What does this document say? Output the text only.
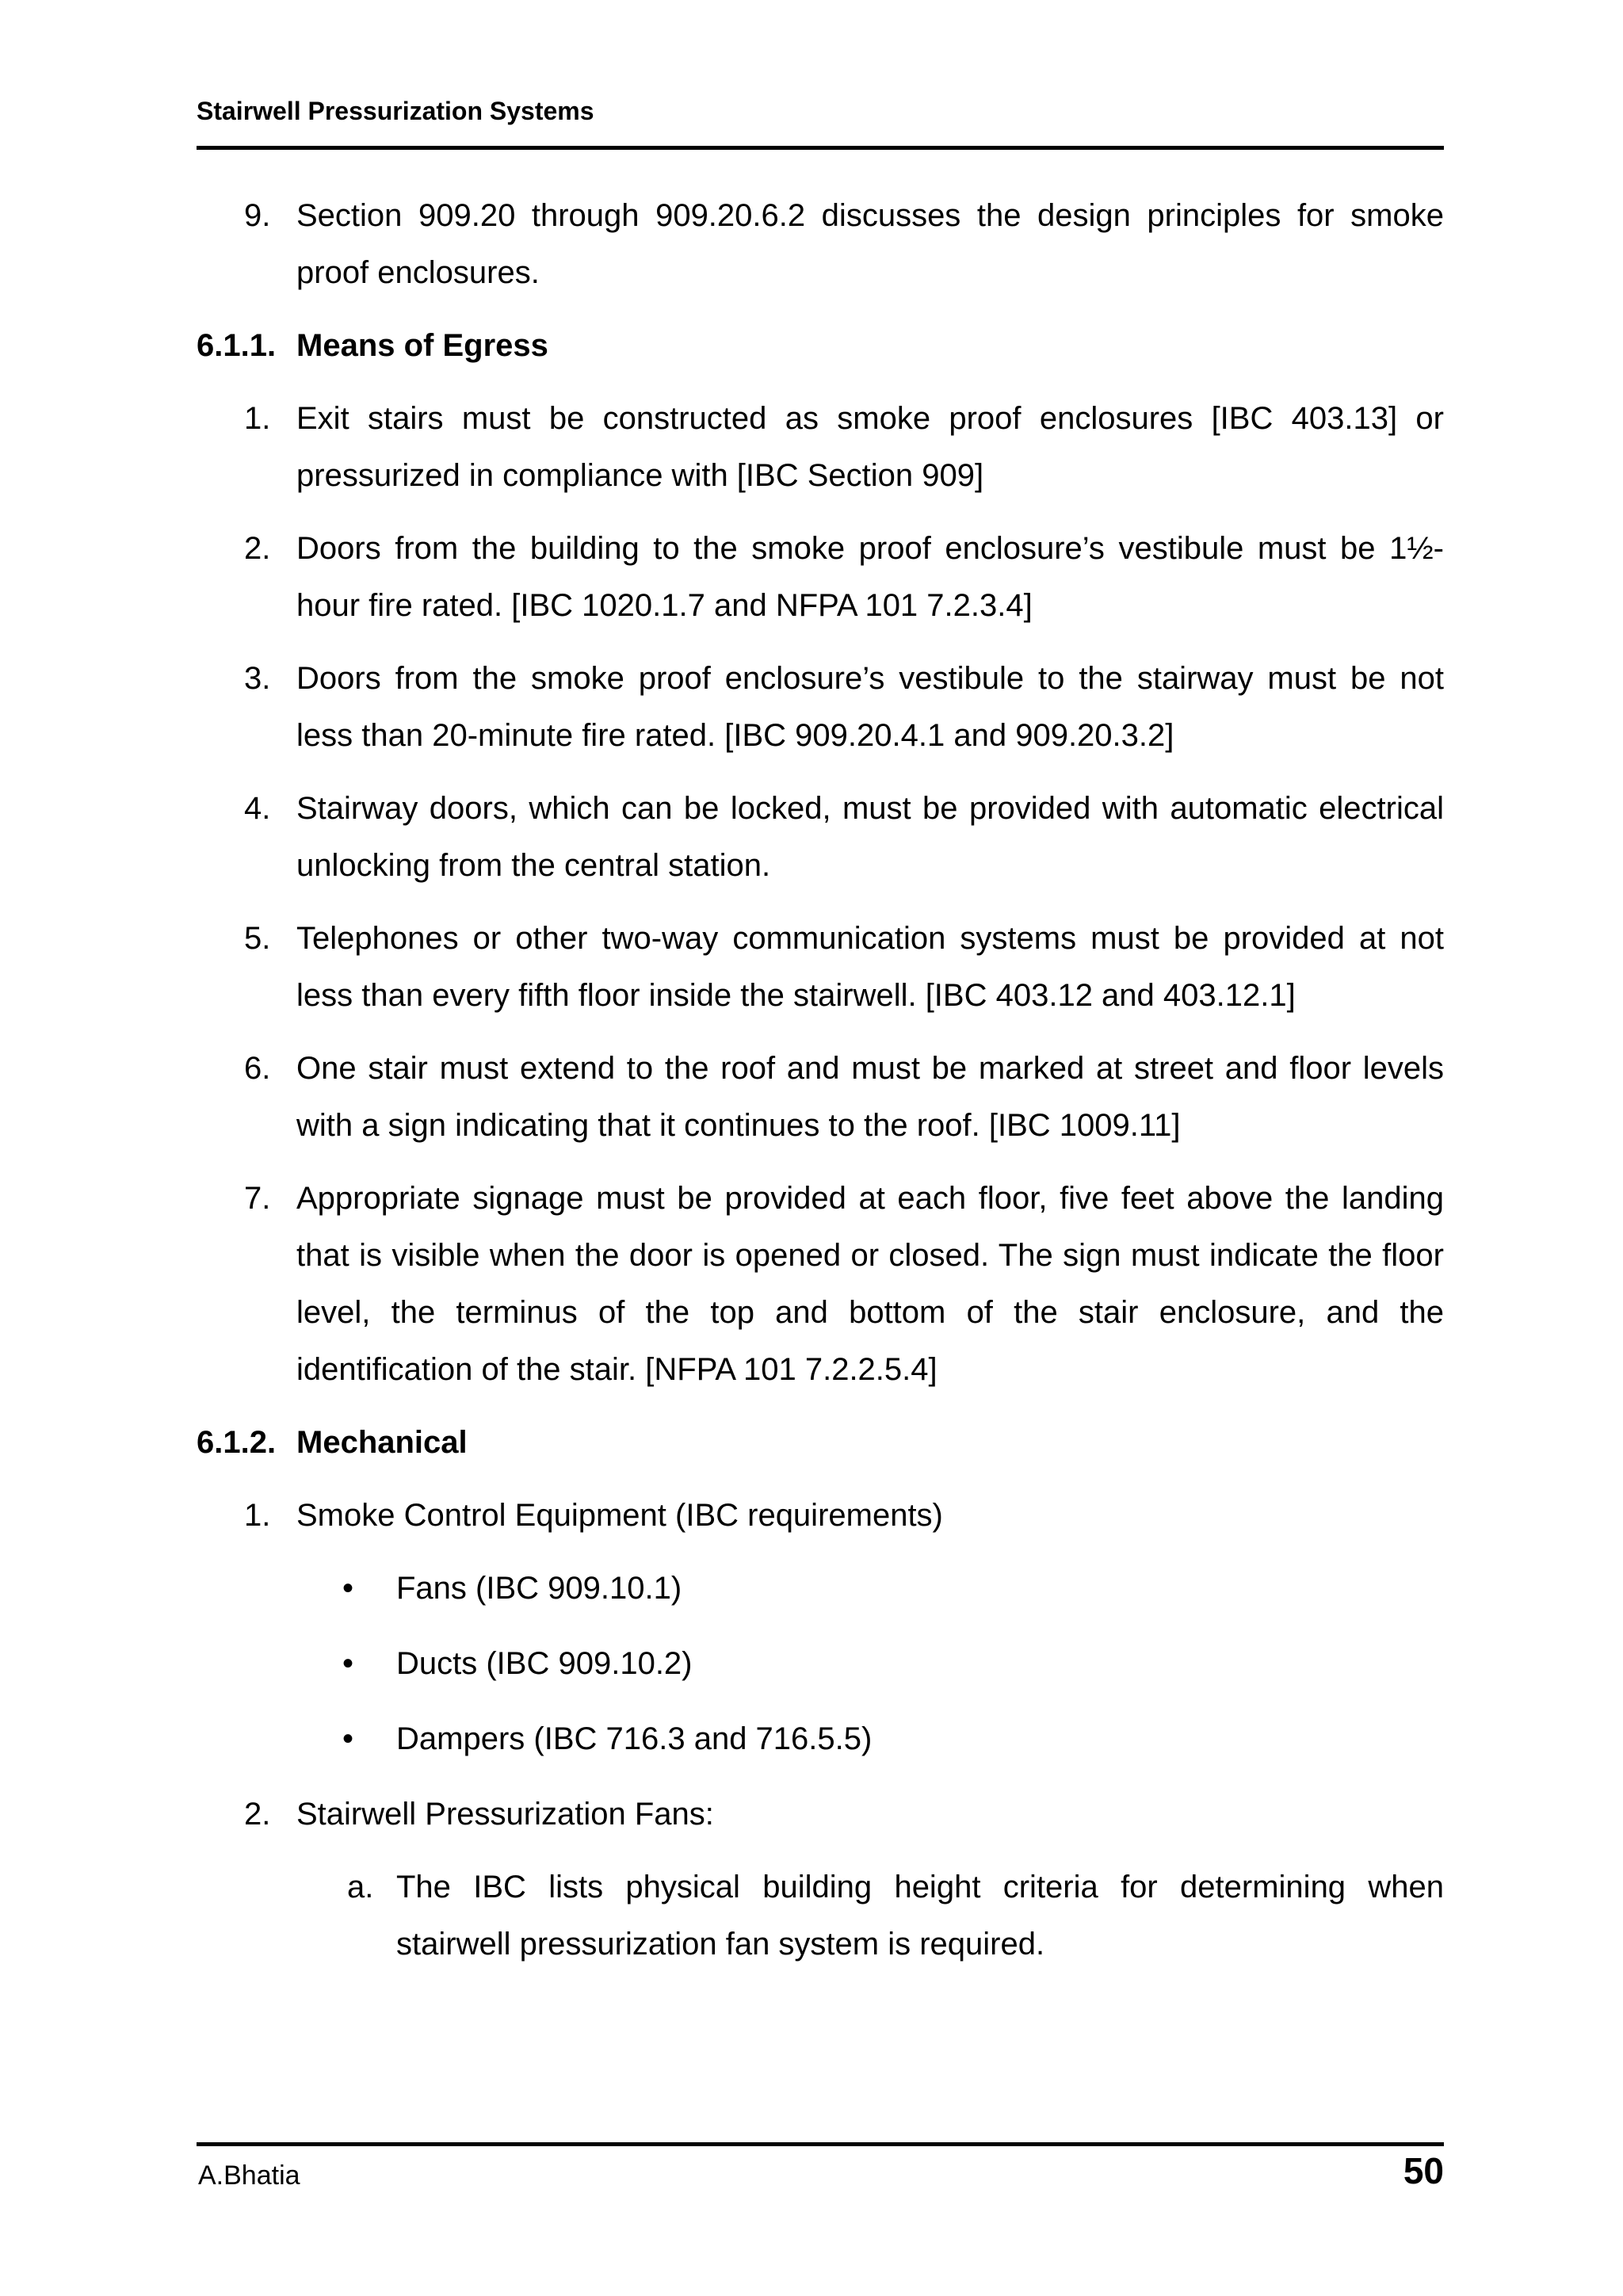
Stairwell Pressurization Systems
9. Section 909.20 through 909.20.6.2 discusses the design principles for smoke proof enclosures.
6.1.1. Means of Egress
1. Exit stairs must be constructed as smoke proof enclosures [IBC 403.13] or pressurized in compliance with [IBC Section 909]
2. Doors from the building to the smoke proof enclosure’s vestibule must be 1½-hour fire rated. [IBC 1020.1.7 and NFPA 101 7.2.3.4]
3. Doors from the smoke proof enclosure’s vestibule to the stairway must be not less than 20-minute fire rated. [IBC 909.20.4.1 and 909.20.3.2]
4. Stairway doors, which can be locked, must be provided with automatic electrical unlocking from the central station.
5. Telephones or other two-way communication systems must be provided at not less than every fifth floor inside the stairwell. [IBC 403.12 and 403.12.1]
6. One stair must extend to the roof and must be marked at street and floor levels with a sign indicating that it continues to the roof. [IBC 1009.11]
7. Appropriate signage must be provided at each floor, five feet above the landing that is visible when the door is opened or closed. The sign must indicate the floor level, the terminus of the top and bottom of the stair enclosure, and the identification of the stair. [NFPA 101 7.2.2.5.4]
6.1.2. Mechanical
1. Smoke Control Equipment (IBC requirements)
• Fans (IBC 909.10.1)
• Ducts (IBC 909.10.2)
• Dampers (IBC 716.3 and 716.5.5)
2. Stairwell Pressurization Fans:
a. The IBC lists physical building height criteria for determining when stairwell pressurization fan system is required.
A.Bhatia	50
